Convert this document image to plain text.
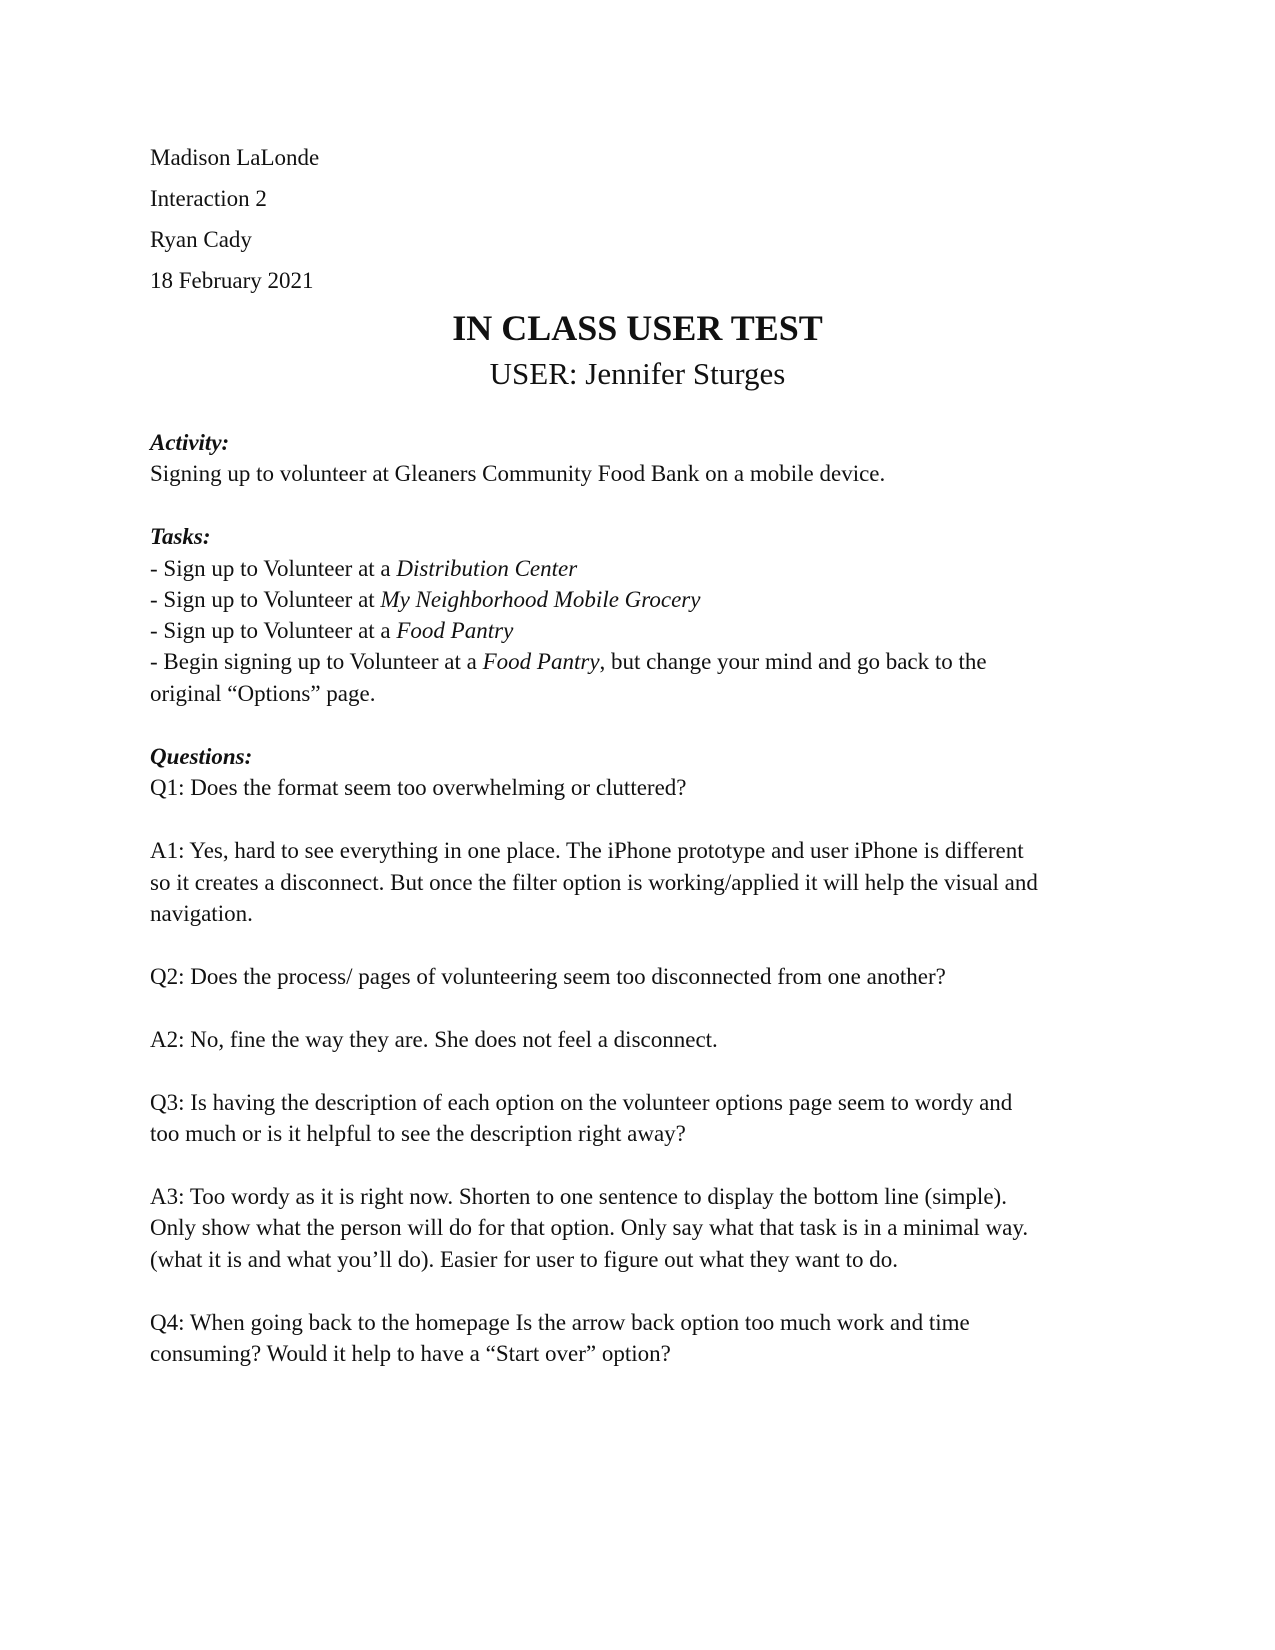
Madison LaLonde
Interaction 2
Ryan Cady
18 February 2021
IN CLASS USER TEST
USER: Jennifer Sturges
Activity:
Signing up to volunteer at Gleaners Community Food Bank on a mobile device.
Tasks:
- Sign up to Volunteer at a Distribution Center
- Sign up to Volunteer at My Neighborhood Mobile Grocery
- Sign up to Volunteer at a Food Pantry
- Begin signing up to Volunteer at a Food Pantry, but change your mind and go back to the
original “Options” page.
Questions:
Q1: Does the format seem too overwhelming or cluttered?
A1: Yes, hard to see everything in one place. The iPhone prototype and user iPhone is different
so it creates a disconnect. But once the filter option is working/applied it will help the visual and
navigation.
Q2: Does the process/ pages of volunteering seem too disconnected from one another?
A2: No, fine the way they are. She does not feel a disconnect.
Q3: Is having the description of each option on the volunteer options page seem to wordy and
too much or is it helpful to see the description right away?
A3: Too wordy as it is right now. Shorten to one sentence to display the bottom line (simple).
Only show what the person will do for that option. Only say what that task is in a minimal way.
(what it is and what you’ll do). Easier for user to figure out what they want to do.
Q4: When going back to the homepage Is the arrow back option too much work and time
consuming? Would it help to have a “Start over” option?
